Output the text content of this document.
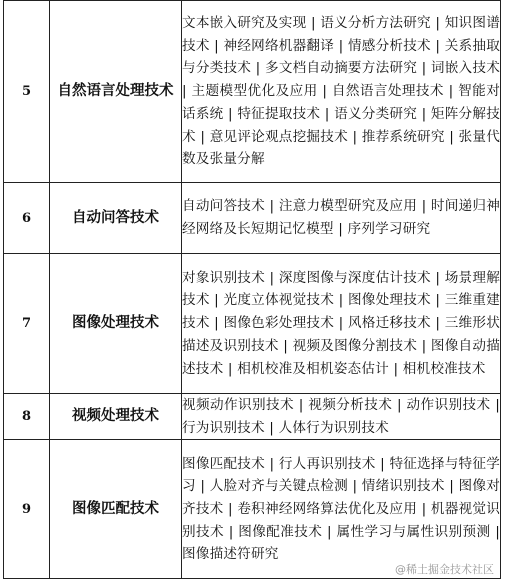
5	自然语言处理技术	文本嵌入研究及实现 | 语义分析方法研究 | 知识图谱技术 | 神经网络机器翻译 | 情感分析技术 | 关系抽取与分类技术 | 多文档自动摘要方法研究 | 词嵌入技术 | 主题模型优化及应用 | 自然语言处理技术 | 智能对话系统 | 特征提取技术 | 语义分类研究 | 矩阵分解技术 | 意见评论观点挖掘技术 | 推荐系统研究 | 张量代数及张量分解
6	自动问答技术	自动问答技术 | 注意力模型研究及应用 | 时间递归神经网络及长短期记忆模型 | 序列学习研究
7	图像处理技术	对象识别技术 | 深度图像与深度估计技术 | 场景理解技术 | 光度立体视觉技术 | 图像处理技术 | 三维重建技术 | 图像色彩处理技术 | 风格迁移技术 | 三维形状描述及识别技术 | 视频及图像分割技术 | 图像自动描述技术 | 相机校准及相机姿态估计 | 相机校准技术
8	视频处理技术	视频动作识别技术 | 视频分析技术 | 动作识别技术 | 行为识别技术 | 人体行为识别技术
9	图像匹配技术	图像匹配技术 | 行人再识别技术 | 特征选择与特征学习 | 人脸对齐与关键点检测 | 情绪识别技术 | 图像对齐技术 | 卷积神经网络算法优化及应用 | 机器视觉识别技术 | 图像配准技术 | 属性学习与属性识别预测 | 图像描述符研究
@稀土掘金技术社区
